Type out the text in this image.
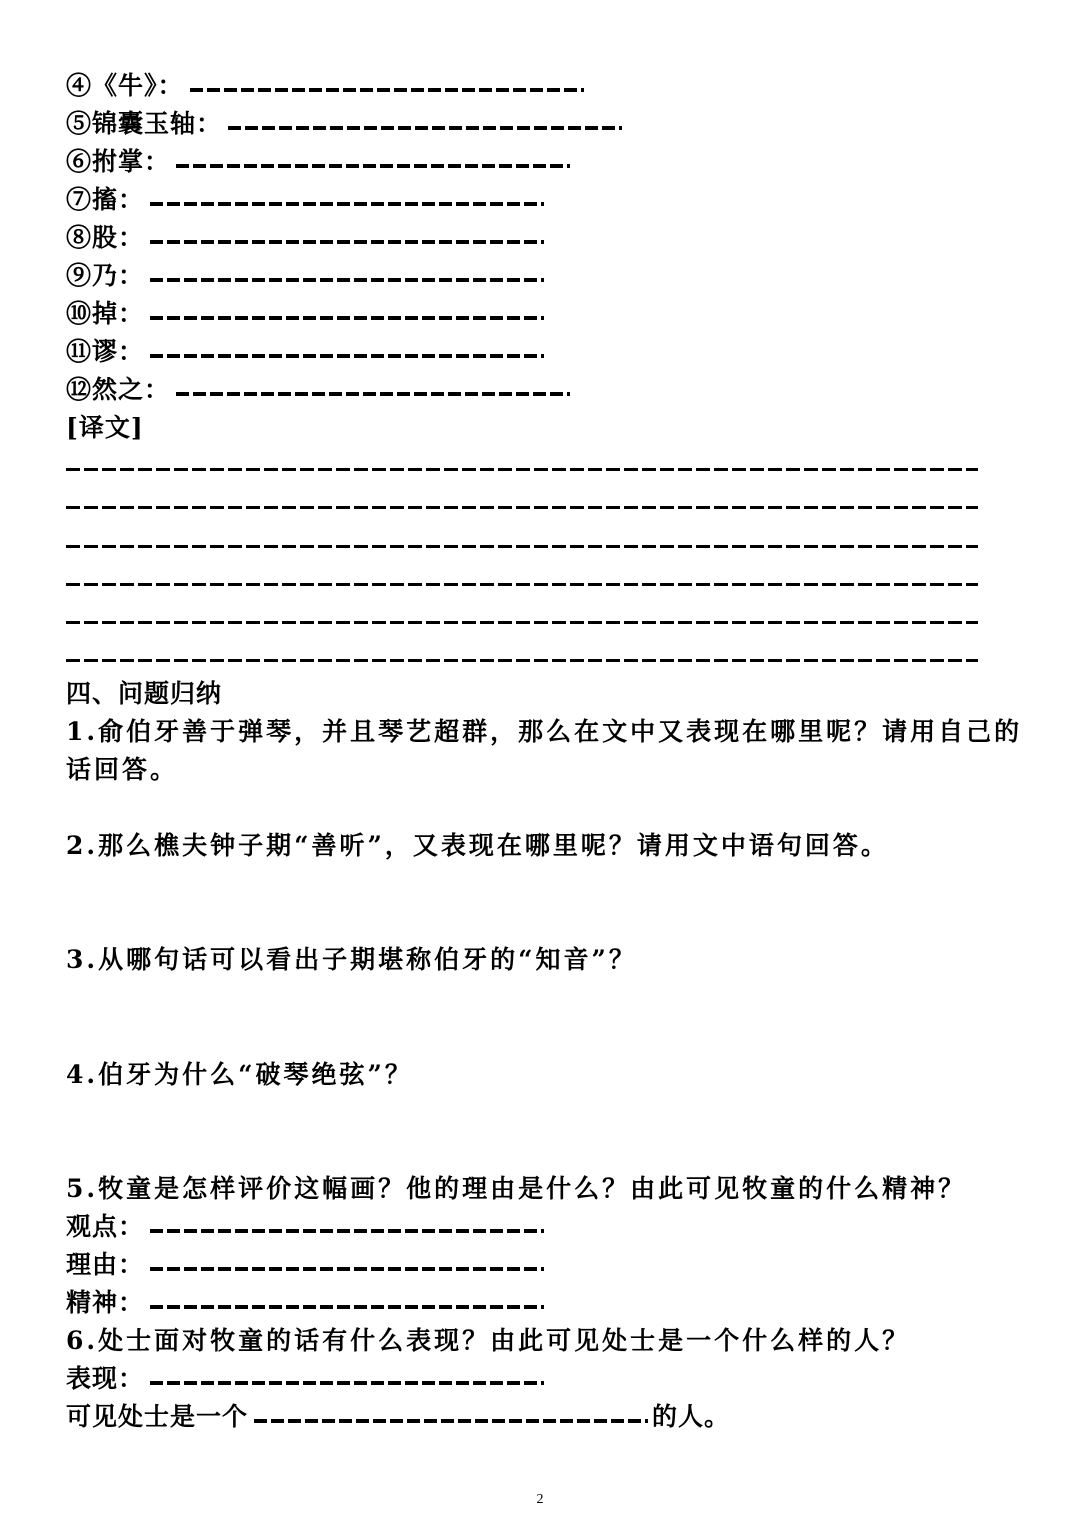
④《牛》：
⑤锦囊玉轴：
⑥拊掌：
⑦搐：
⑧股：
⑨乃：
⑩掉：
⑪谬：
⑫然之：
[译文]
四、问题归纳
1.俞伯牙善于弹琴，并且琴艺超群，那么在文中又表现在哪里呢？请用自己的话回答。
2.那么樵夫钟子期“善听”，又表现在哪里呢？请用文中语句回答。
3.从哪句话可以看出子期堪称伯牙的“知音”？
4.伯牙为什么“破琴绝弦”？
5.牧童是怎样评价这幅画？他的理由是什么？由此可见牧童的什么精神？
观点：
理由：
精神：
6.处士面对牧童的话有什么表现？由此可见处士是一个什么样的人？
表现：
可见处士是一个	的人。
2
